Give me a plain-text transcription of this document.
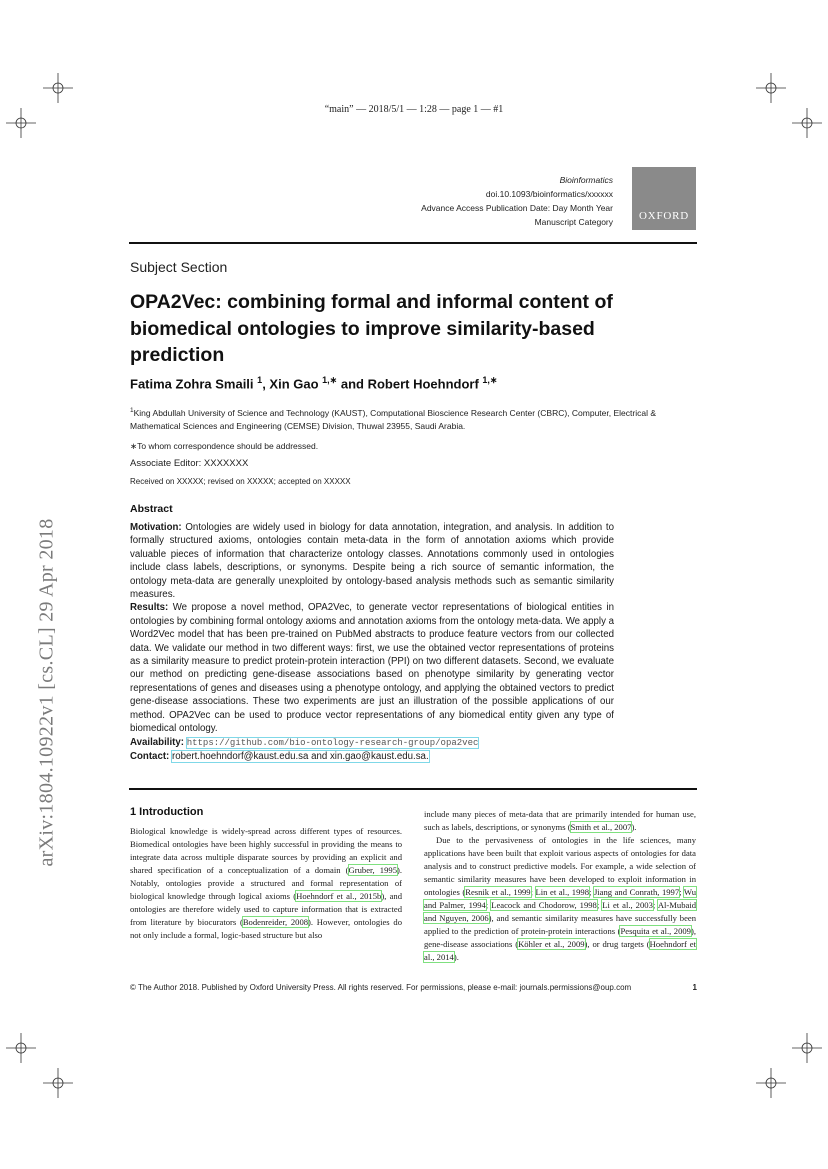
arXiv:1804.10922v1 [cs.CL] 29 Apr 2018
“main” — 2018/5/1 — 1:28 — page 1 — #1
Bioinformatics
doi.10.1093/bioinformatics/xxxxxx
Advance Access Publication Date: Day Month Year
Manuscript Category OXFORD
Subject Section
OPA2Vec: combining formal and informal content of biomedical ontologies to improve similarity-based prediction
Fatima Zohra Smaili $^1$, Xin Gao $^{1,∗}$ and Robert Hoehndorf $^{1,∗}$
$^1$King Abdullah University of Science and Technology (KAUST), Computational Bioscience Research Center (CBRC), Computer, Electrical & Mathematical Sciences and Engineering (CEMSE) Division, Thuwal 23955, Saudi Arabia.
∗To whom correspondence should be addressed.
Associate Editor: XXXXXXX
Received on XXXXX; revised on XXXXX; accepted on XXXXX
Abstract

Motivation: Ontologies are widely used in biology for data annotation, integration, and analysis. In addition to formally structured axioms, ontologies contain meta-data in the form of annotation axioms which provide valuable pieces of information that characterize ontology classes. Annotations commonly used in ontologies include class labels, descriptions, or synonyms. Despite being a rich source of semantic information, the ontology meta-data are generally unexploited by ontology-based analysis methods such as semantic similarity measures.

Results: We propose a novel method, OPA2Vec, to generate vector representations of biological entities in ontologies by combining formal ontology axioms and annotation axioms from the ontology meta-data. We apply a Word2Vec model that has been pre-trained on PubMed abstracts to produce feature vectors from our collected data. We validate our method in two different ways: first, we use the obtained vector representations of proteins as a similarity measure to predict protein-protein interaction (PPI) on two different datasets. Second, we evaluate our method on predicting gene-disease associations based on phenotype similarity by generating vector representations of genes and diseases using a phenotype ontology, and applying the obtained vectors to predict gene-disease associations. These two experiments are just an illustration of the possible applications of our method. OPA2Vec can be used to produce vector representations of any biomedical entity given any type of biomedical ontology.

Availability: https://github.com/bio-ontology-research-group/opa2vec

Contact: robert.hoehndorf@kaust.edu.sa and xin.gao@kaust.edu.sa.

1 Introduction

Biological knowledge is widely-spread across different types of resources. Biomedical ontologies have been highly successful in providing the means to integrate data across multiple disparate sources by providing an explicit and shared specification of a conceptualization of a domain (Gruber, 1995). Notably, ontologies provide a structured and formal representation of biological knowledge through logical axioms (Hoehndorf et al., 2015b), and ontologies are therefore widely used to capture information that is extracted from literature by biocurators (Bodenreider, 2008). However, ontologies do not only include a formal, logic-based structure but also

include many pieces of meta-data that are primarily intended for human use, such as labels, descriptions, or synonyms (Smith et al., 2007).

Due to the pervasiveness of ontologies in the life sciences, many applications have been built that exploit various aspects of ontologies for data analysis and to construct predictive models. For example, a wide selection of semantic similarity measures have been developed to exploit information in ontologies (Resnik et al., 1999; Lin et al., 1998; Jiang and Conrath, 1997; Wu and Palmer, 1994; Leacock and Chodorow, 1998; Li et al., 2003; Al-Mubaid and Nguyen, 2006), and semantic similarity measures have successfully been applied to the prediction of protein-protein interactions (Pesquita et al., 2009), gene-disease associations (Köhler et al., 2009), or drug targets (Hoehndorf et al., 2014).

© The Author 2018. Published by Oxford University Press. All rights reserved. For permissions, please e-mail: journals.permissions@oup.com	1
